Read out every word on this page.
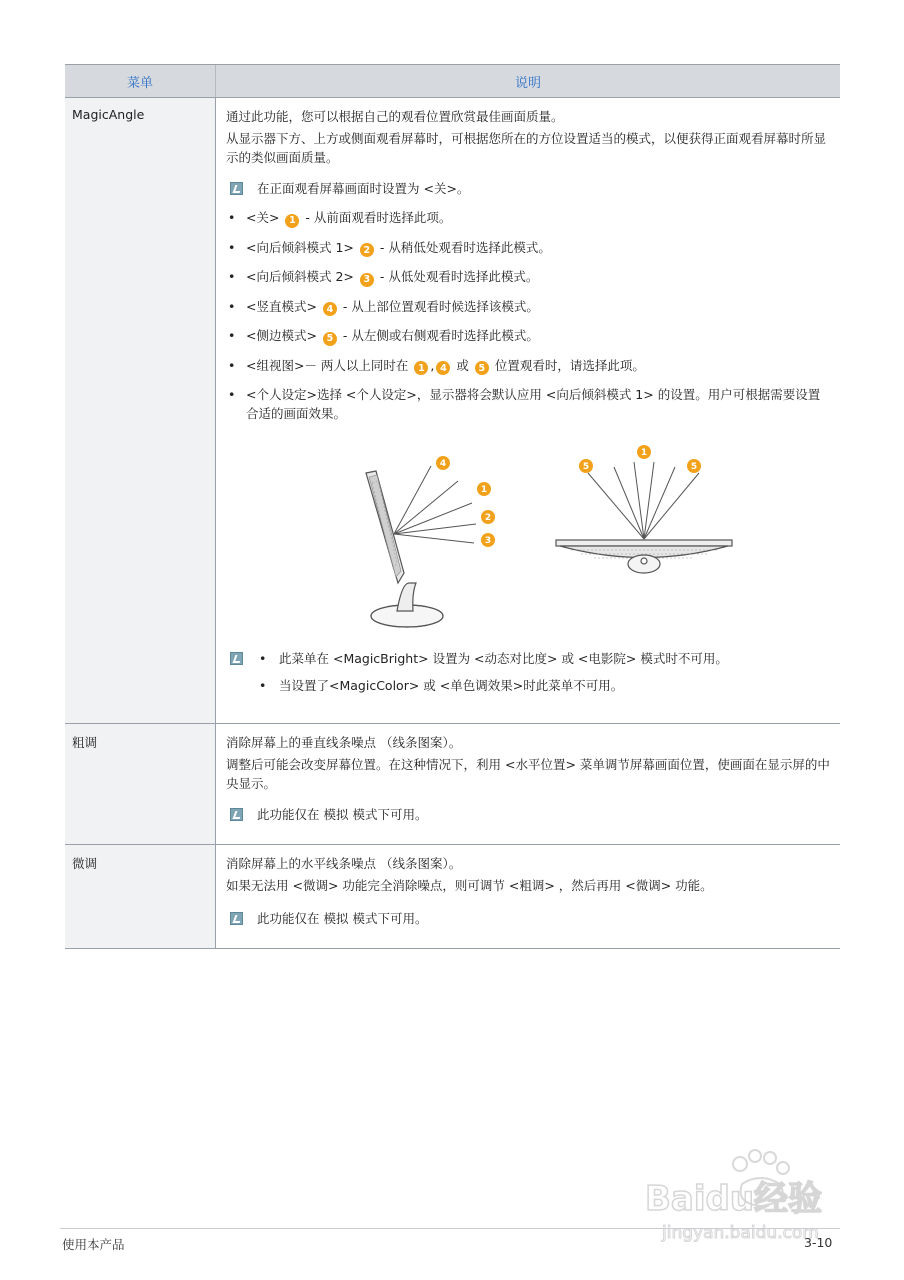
菜单	说明
MagicAngle	通过此功能，您可以根据自己的观看位置欣赏最佳画面质量。
从显示器下方、上方或侧面观看屏幕时，可根据您所在的方位设置适当的模式，以便获得正面观看屏幕时所显示的类似画面质量。
在正面观看屏幕画面时设置为 <关>。
• <关> 1 - 从前面观看时选择此项。
• <向后倾斜模式 1> 2 - 从稍低处观看时选择此模式。
• <向后倾斜模式 2> 3 - 从低处观看时选择此模式。
• <竖直模式> 4 - 从上部位置观看时候选择该模式。
• <侧边模式> 5 - 从左侧或右侧观看时选择此模式。
• <组视图>－ 两人以上同时在 1 , 4 或 5 位置观看时，请选择此项。
• <个人设定>选择 <个人设定>，显示器将会默认应用 <向后倾斜模式 1> 的设置。用户可根据需要设置合适的画面效果。
4
1
2
3
5
1
5
• 此菜单在 <MagicBright> 设置为 <动态对比度> 或 <电影院> 模式时不可用。
• 当设置了<MagicColor> 或 <单色调效果>时此菜单不可用。
粗调	消除屏幕上的垂直线条噪点 （线条图案）。
调整后可能会改变屏幕位置。在这种情况下，利用 <水平位置> 菜单调节屏幕画面位置，使画面在显示屏的中央显示。
此功能仅在 模拟 模式下可用。
微调	消除屏幕上的水平线条噪点 （线条图案）。
如果无法用 <微调> 功能完全消除噪点，则可调节 <粗调> ，然后再用 <微调> 功能。
此功能仅在 模拟 模式下可用。
Baidu经验
jingyan.baidu.com
使用本产品	3-10
